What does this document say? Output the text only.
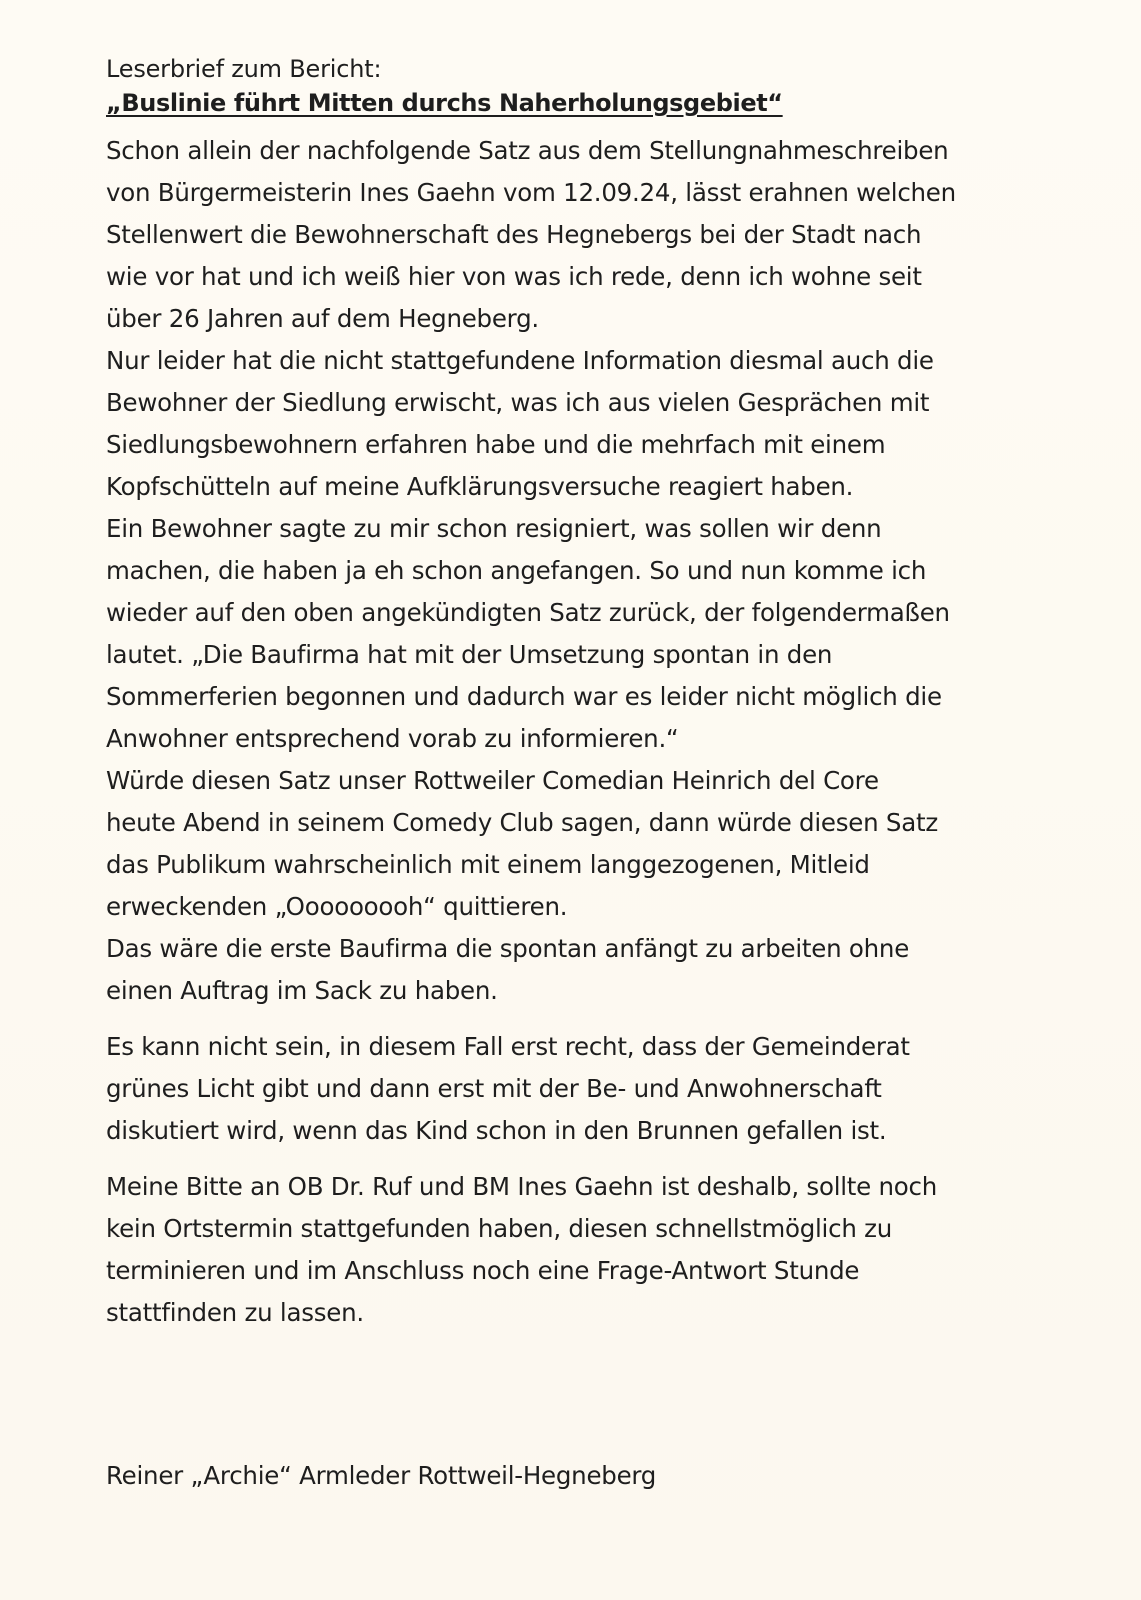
Leserbrief zum Bericht:

„Buslinie führt Mitten durchs Naherholungsgebiet“

Schon allein der nachfolgende Satz aus dem Stellungnahmeschreiben
von Bürgermeisterin Ines Gaehn vom 12.09.24, lässt erahnen welchen
Stellenwert die Bewohnerschaft des Hegnebergs bei der Stadt nach
wie vor hat und ich weiß hier von was ich rede, denn ich wohne seit
über 26 Jahren auf dem Hegneberg.
Nur leider hat die nicht stattgefundene Information diesmal auch die
Bewohner der Siedlung erwischt, was ich aus vielen Gesprächen mit
Siedlungsbewohnern erfahren habe und die mehrfach mit einem
Kopfschütteln auf meine Aufklärungsversuche reagiert haben.
Ein Bewohner sagte zu mir schon resigniert, was sollen wir denn
machen, die haben ja eh schon angefangen. So und nun komme ich
wieder auf den oben angekündigten Satz zurück, der folgendermaßen
lautet. „Die Baufirma hat mit der Umsetzung spontan in den
Sommerferien begonnen und dadurch war es leider nicht möglich die
Anwohner entsprechend vorab zu informieren.“
Würde diesen Satz unser Rottweiler Comedian Heinrich del Core
heute Abend in seinem Comedy Club sagen, dann würde diesen Satz
das Publikum wahrscheinlich mit einem langgezogenen, Mitleid
erweckenden „Ooooooooh“ quittieren.
Das wäre die erste Baufirma die spontan anfängt zu arbeiten ohne
einen Auftrag im Sack zu haben.
Es kann nicht sein, in diesem Fall erst recht, dass der Gemeinderat
grünes Licht gibt und dann erst mit der Be- und Anwohnerschaft
diskutiert wird, wenn das Kind schon in den Brunnen gefallen ist.
Meine Bitte an OB Dr. Ruf und BM Ines Gaehn ist deshalb, sollte noch
kein Ortstermin stattgefunden haben, diesen schnellstmöglich zu
terminieren und im Anschluss noch eine Frage-Antwort Stunde
stattfinden zu lassen.
Reiner „Archie“ Armleder Rottweil-Hegneberg
